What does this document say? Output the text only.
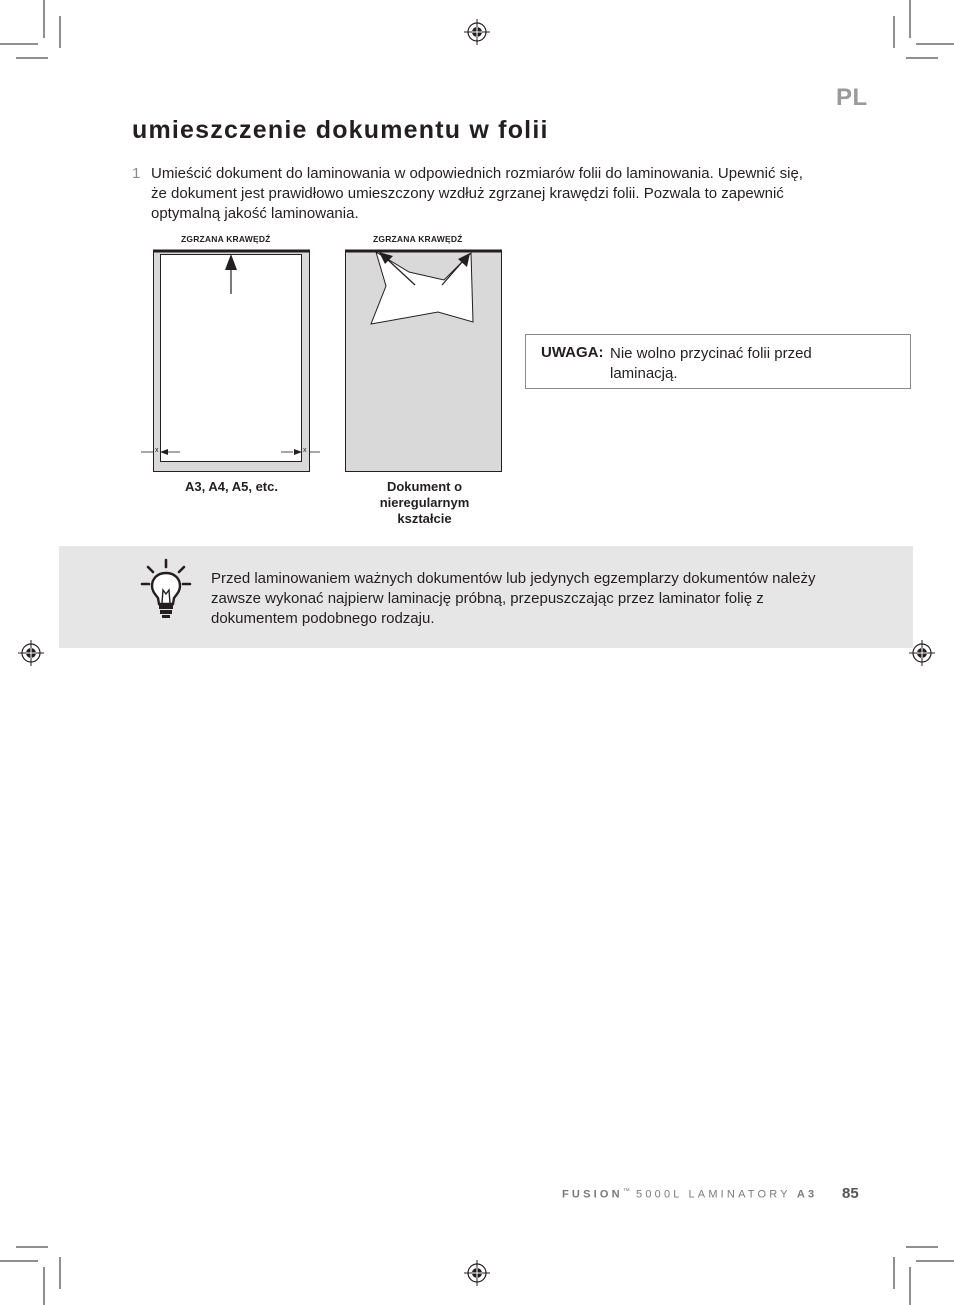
PL
umieszczenie dokumentu w folii
1 Umieścić dokument do laminowania w odpowiednich rozmiarów folii do laminowania. Upewnić się, że dokument jest prawidłowo umieszczony wzdłuż zgrzanej krawędzi folii. Pozwala to zapewnić optymalną jakość laminowania.
ZGRZANA KRAWĘDŹ
x	x
A3, A4, A5, etc.
ZGRZANA KRAWĘDŹ
Dokument o
nieregularnym
kształcie
UWAGA: Nie wolno przycinać folii przed
laminacją.
Przed laminowaniem ważnych dokumentów lub jedynych egzemplarzy dokumentów należy zawsze wykonać najpierw laminację próbną, przepuszczając przez laminator folię z dokumentem podobnego rodzaju.
FUSION™ 5000L LAMINATORY A3 85
